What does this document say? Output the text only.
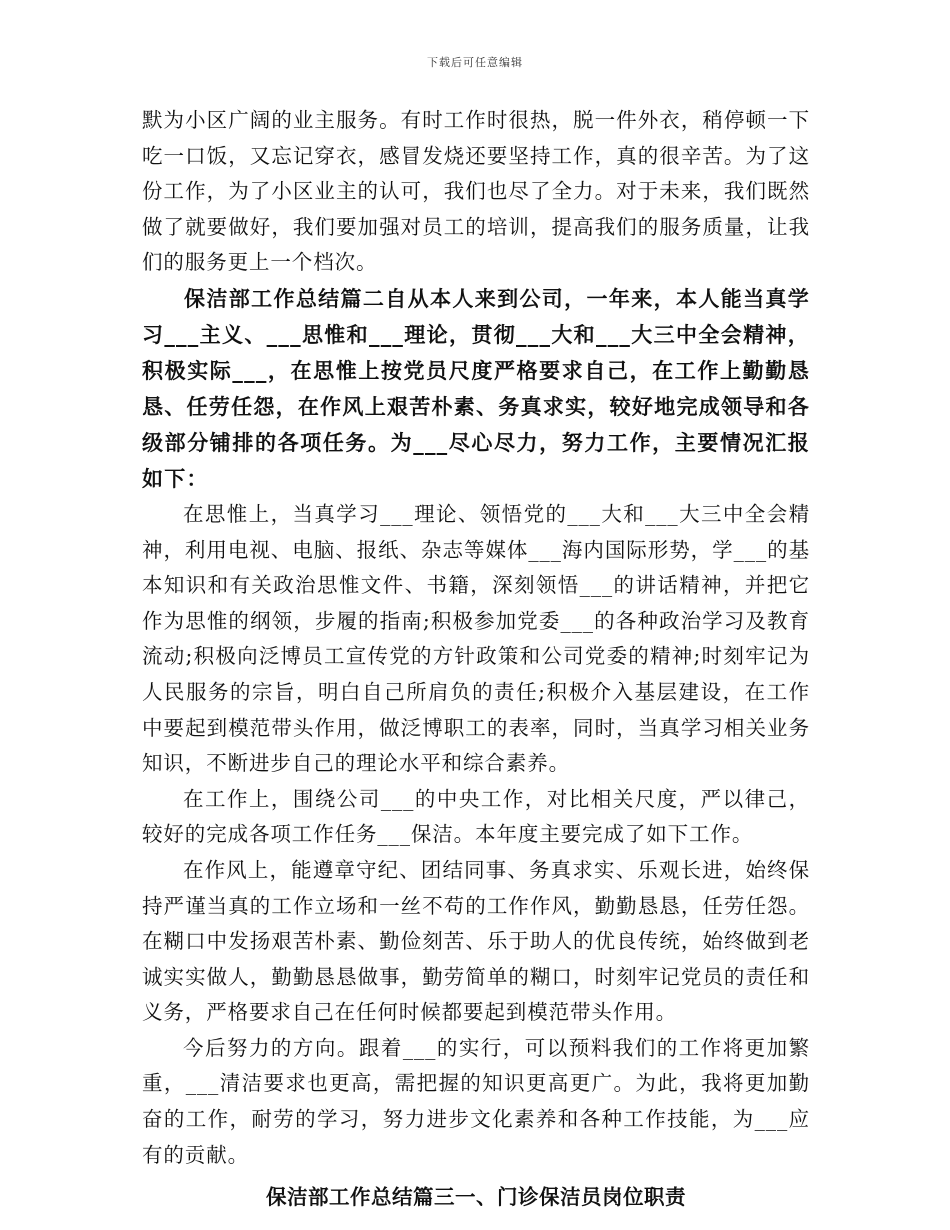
下载后可任意编辑

默为小区广阔的业主服务。有时工作时很热，脱一件外衣，稍停顿一下吃一口饭，又忘记穿衣，感冒发烧还要坚持工作，真的很辛苦。为了这份工作，为了小区业主的认可，我们也尽了全力。对于未来，我们既然做了就要做好，我们要加强对员工的培训，提高我们的服务质量，让我们的服务更上一个档次。

保洁部工作总结篇二自从本人来到公司，一年来，本人能当真学习___主义、___思惟和___理论，贯彻___大和___大三中全会精神，积极实际___，在思惟上按党员尺度严格要求自己，在工作上勤勤恳恳、任劳任怨，在作风上艰苦朴素、务真求实，较好地完成领导和各级部分铺排的各项任务。为___尽心尽力，努力工作，主要情况汇报如下：

在思惟上，当真学习___理论、领悟党的___大和___大三中全会精神，利用电视、电脑、报纸、杂志等媒体___海内国际形势，学___的基本知识和有关政治思惟文件、书籍，深刻领悟___的讲话精神，并把它作为思惟的纲领，步履的指南;积极参加党委___的各种政治学习及教育流动;积极向泛博员工宣传党的方针政策和公司党委的精神;时刻牢记为人民服务的宗旨，明白自己所肩负的责任;积极介入基层建设，在工作中要起到模范带头作用，做泛博职工的表率，同时，当真学习相关业务知识，不断进步自己的理论水平和综合素养。

在工作上，围绕公司___的中央工作，对比相关尺度，严以律己，较好的完成各项工作任务___保洁。本年度主要完成了如下工作。

在作风上，能遵章守纪、团结同事、务真求实、乐观长进，始终保持严谨当真的工作立场和一丝不苟的工作作风，勤勤恳恳，任劳任怨。在糊口中发扬艰苦朴素、勤俭刻苦、乐于助人的优良传统，始终做到老诚实实做人，勤勤恳恳做事，勤劳简单的糊口，时刻牢记党员的责任和义务，严格要求自己在任何时候都要起到模范带头作用。

今后努力的方向。跟着___的实行，可以预料我们的工作将更加繁重，___清洁要求也更高，需把握的知识更高更广。为此，我将更加勤奋的工作，耐劳的学习，努力进步文化素养和各种工作技能，为___应有的贡献。

保洁部工作总结篇三一、门诊保洁员岗位职责
